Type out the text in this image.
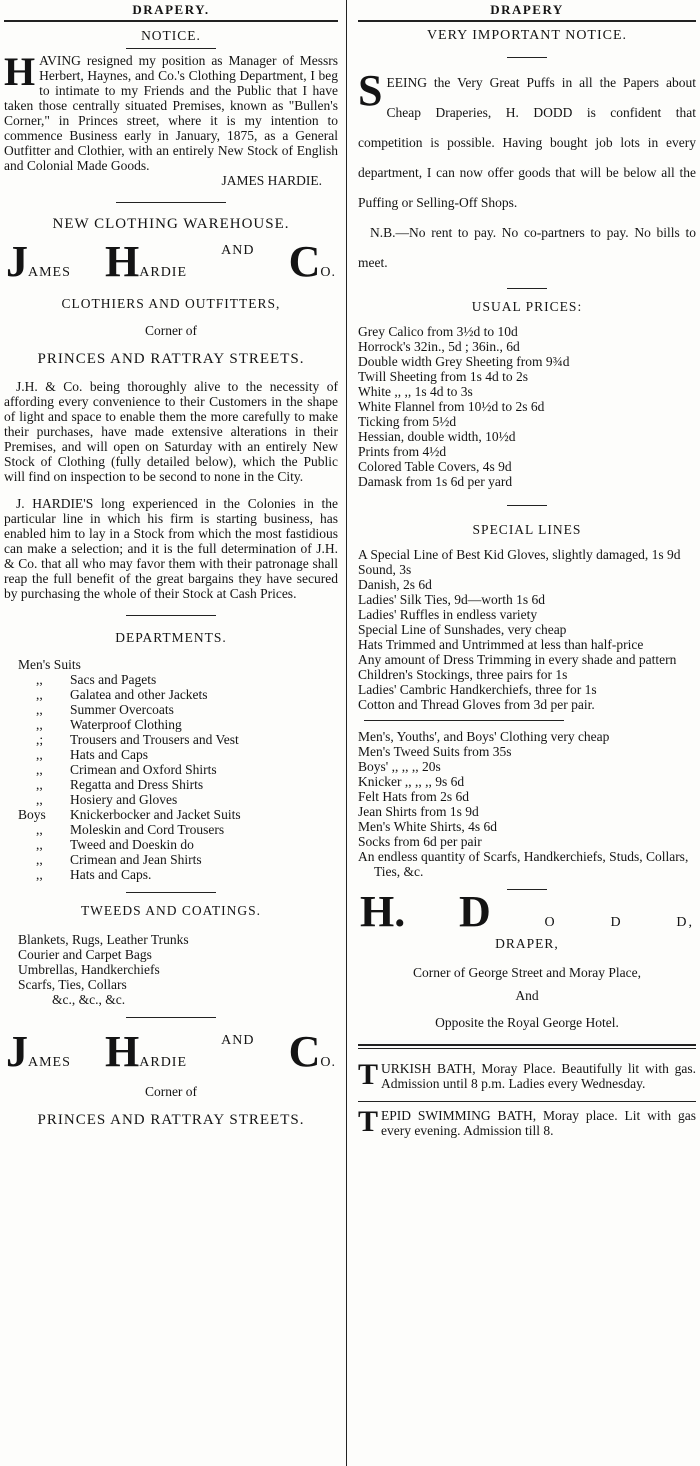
DRAPERY.
NOTICE.
H AVING resigned my position as Manager of Messrs Herbert, Haynes, and Co.'s Clothing Department, I beg to intimate to my Friends and the Public that I have taken those centrally situated Premises, known as "Bullen's Corner," in Princes street, where it is my intention to commence Business early in January, 1875, as a General Outfitter and Clothier, with an entirely New Stock of English and Colonial Made Goods.
JAMES HARDIE.
NEW CLOTHING WAREHOUSE.
JAMES HARDIE
AND CO.
CLOTHIERS AND OUTFITTERS,
Corner of
PRINCES AND RATTRAY STREETS.
J.H. & Co. being thoroughly alive to the necessity of affording every convenience to their Customers in the shape of light and space to enable them the more carefully to make their purchases, have made extensive alterations in their Premises, and will open on Saturday with an entirely New Stock of Clothing (fully detailed below), which the Public will find on inspection to be second to none in the City.
J. HARDIE'S long experienced in the Colonies in the particular line in which his firm is starting business, has enabled him to lay in a Stock from which the most fastidious can make a selection; and it is the full determination of J.H. & Co. that all who may favor them with their patronage shall reap the full benefit of the great bargains they have secured by purchasing the whole of their Stock at Cash Prices.
DEPARTMENTS.
Men's Suits
,,	Sacs and Pagets
,,	Galatea and other Jackets
,,	Summer Overcoats
,,	Waterproof Clothing
,;	Trousers and Trousers and Vest
,,	Hats and Caps
,,	Crimean and Oxford Shirts
,,	Regatta and Dress Shirts
,,	Hosiery and Gloves
Boys	Knickerbocker and Jacket Suits
,,	Moleskin and Cord Trousers
,,	Tweed and Doeskin do
,,	Crimean and Jean Shirts
,,	Hats and Caps.
TWEEDS AND COATINGS.
Blankets, Rugs, Leather Trunks
Courier and Carpet Bags
Umbrellas, Handkerchiefs
Scarfs, Ties, Collars
&c., &c., &c.
JAMES HARDIE
AND CO.
Corner of
PRINCES AND RATTRAY STREETS.
DRAPERY
VERY IMPORTANT NOTICE.
S EEING the Very Great Puffs in all the Papers about Cheap Draperies, H. DODD is confident that competition is possible. Having bought job lots in every department, I can now offer goods that will be below all the Puffing or Selling-Off Shops.
N.B.—No rent to pay. No co-partners to pay. No bills to meet.
USUAL PRICES:
Grey Calico from 3½d to 10d
Horrock's 32in., 5d ; 36in., 6d
Double width Grey Sheeting from 9¾d
Twill Sheeting from 1s 4d to 2s
White ,, ,, 1s 4d to 3s
White Flannel from 10½d to 2s 6d
Ticking from 5½d
Hessian, double width, 10½d
Prints from 4½d
Colored Table Covers, 4s 9d
Damask from 1s 6d per yard
SPECIAL LINES
A Special Line of Best Kid Gloves, slightly damaged, 1s 9d
Sound, 3s
Danish, 2s 6d
Ladies' Silk Ties, 9d—worth 1s 6d
Ladies' Ruffles in endless variety
Special Line of Sunshades, very cheap
Hats Trimmed and Untrimmed at less than half-price
Any amount of Dress Trimming in every shade and pattern
Children's Stockings, three pairs for 1s
Ladies' Cambric Handkerchiefs, three for 1s
Cotton and Thread Gloves from 3d per pair.
Men's, Youths', and Boys' Clothing very cheap
Men's Tweed Suits from 35s
Boys' ,, ,, ,, 20s
Knicker ,, ,, ,, 9s 6d
Felt Hats from 2s 6d
Jean Shirts from 1s 9d
Men's White Shirts, 4s 6d
Socks from 6d per pair
An endless quantity of Scarfs, Handkerchiefs, Studs, Collars, Ties, &c.
H. D	O	D	D,
DRAPER,
Corner of George Street and Moray Place,
And
Opposite the Royal George Hotel.
T URKISH BATH, Moray Place. Beautifully lit with gas. Admission until 8 p.m. Ladies every Wednesday.
T EPID SWIMMING BATH, Moray place. Lit with gas every evening. Admission till 8.
